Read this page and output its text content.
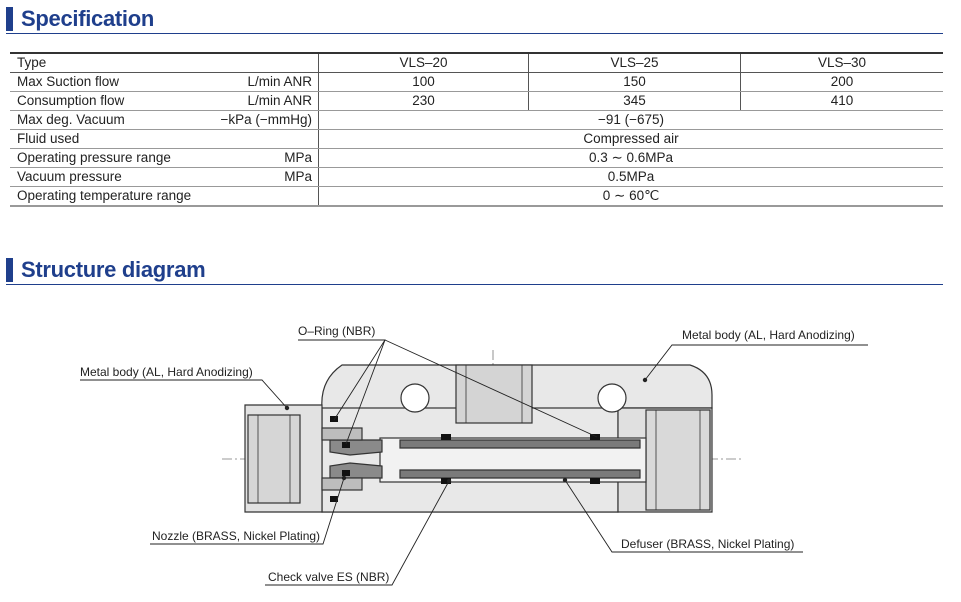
Specification
Type	VLS‒20	VLS‒25	VLS‒30
Max Suction flow L/min ANR	100	150	200
Consumption flow L/min ANR	230	345	410
Max deg. Vacuum −kPa (−mmHg)	−91 (−675)		
Fluid used	Compressed air		
Operating pressure range MPa	0.3 ∼ 0.6MPa		
Vacuum pressure MPa	0.5MPa		
Operating temperature range	0 ∼ 60℃		
Structure diagram
O–Ring (NBR)	Metal body (AL, Hard Anodizing)
Metal body (AL, Hard Anodizing)
Nozzle (BRASS, Nickel Plating)
Defuser (BRASS, Nickel Plating)
Check valve ES (NBR)
